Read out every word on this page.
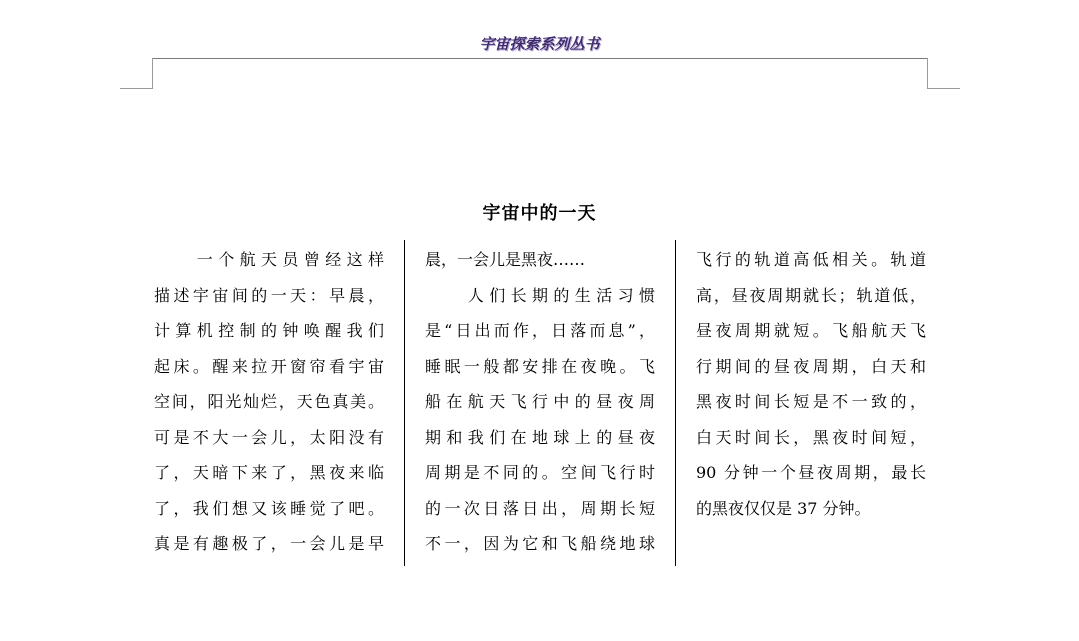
宇宙探索系列丛书
宇宙中的一天
　　一个航天员曾经这样
描述宇宙间的一天：早晨，
计算机控制的钟唤醒我们
起床。醒来拉开窗帘看宇宙
空间，阳光灿烂，天色真美。
可是不大一会儿，太阳没有
了，天暗下来了，黑夜来临
了，我们想又该睡觉了吧。
真是有趣极了，一会儿是早
晨，一会儿是黑夜……
　　人们长期的生活习惯
是“日出而作，日落而息”，
睡眠一般都安排在夜晚。飞
船在航天飞行中的昼夜周
期和我们在地球上的昼夜
周期是不同的。空间飞行时
的一次日落日出，周期长短
不一，因为它和飞船绕地球
飞行的轨道高低相关。轨道
高，昼夜周期就长；轨道低，
昼夜周期就短。飞船航天飞
行期间的昼夜周期，白天和
黑夜时间长短是不一致的，
白天时间长，黑夜时间短，
90 分钟一个昼夜周期，最长
的黑夜仅仅是 37 分钟。
